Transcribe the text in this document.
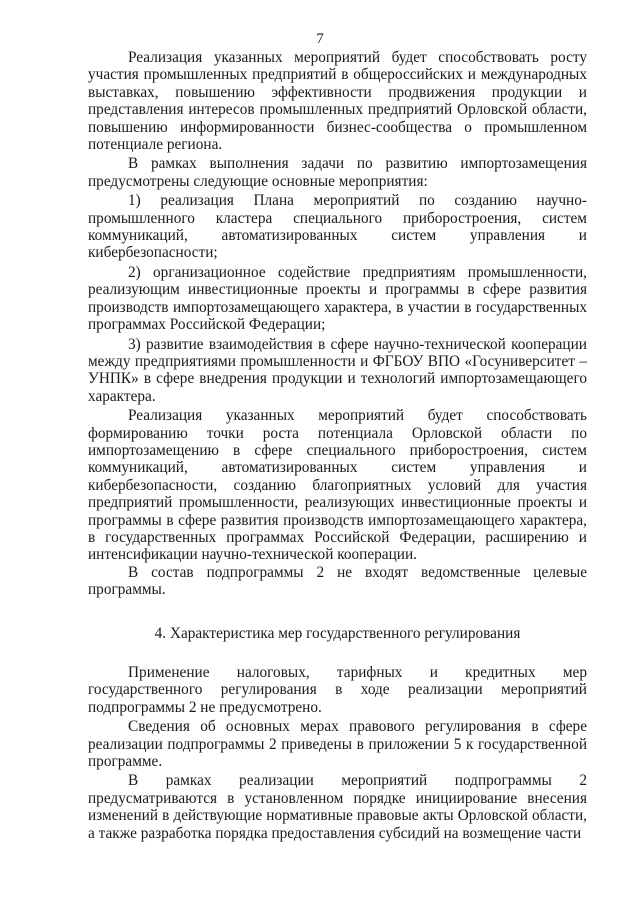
7

Реализация указанных мероприятий будет способствовать росту участия промышленных предприятий в общероссийских и международных выставках, повышению эффективности продвижения продукции и представления интересов промышленных предприятий Орловской области, повышению информированности бизнес-сообщества о промышленном потенциале региона.

В рамках выполнения задачи по развитию импортозамещения предусмотрены следующие основные мероприятия:

1) реализация Плана мероприятий по созданию научно-промышленного кластера специального приборостроения, систем коммуникаций, автоматизированных систем управления и кибербезопасности;

2) организационное содействие предприятиям промышленности, реализующим инвестиционные проекты и программы в сфере развития производств импортозамещающего характера, в участии в государственных программах Российской Федерации;

3) развитие взаимодействия в сфере научно-технической кооперации между предприятиями промышленности и ФГБОУ ВПО «Госуниверситет – УНПК» в сфере внедрения продукции и технологий импортозамещающего характера.

Реализация указанных мероприятий будет способствовать формированию точки роста потенциала Орловской области по импортозамещению в сфере специального приборостроения, систем коммуникаций, автоматизированных систем управления и кибербезопасности, созданию благоприятных условий для участия предприятий промышленности, реализующих инвестиционные проекты и программы в сфере развития производств импортозамещающего характера, в государственных программах Российской Федерации, расширению и интенсификации научно-технической кооперации.

В состав подпрограммы 2 не входят ведомственные целевые программы.

4. Характеристика мер государственного регулирования

Применение налоговых, тарифных и кредитных мер государственного регулирования в ходе реализации мероприятий подпрограммы 2 не предусмотрено.

Сведения об основных мерах правового регулирования в сфере реализации подпрограммы 2 приведены в приложении 5 к государственной программе.

В рамках реализации мероприятий подпрограммы 2 предусматриваются в установленном порядке инициирование внесения изменений в действующие нормативные правовые акты Орловской области, а также разработка порядка предоставления субсидий на возмещение части
